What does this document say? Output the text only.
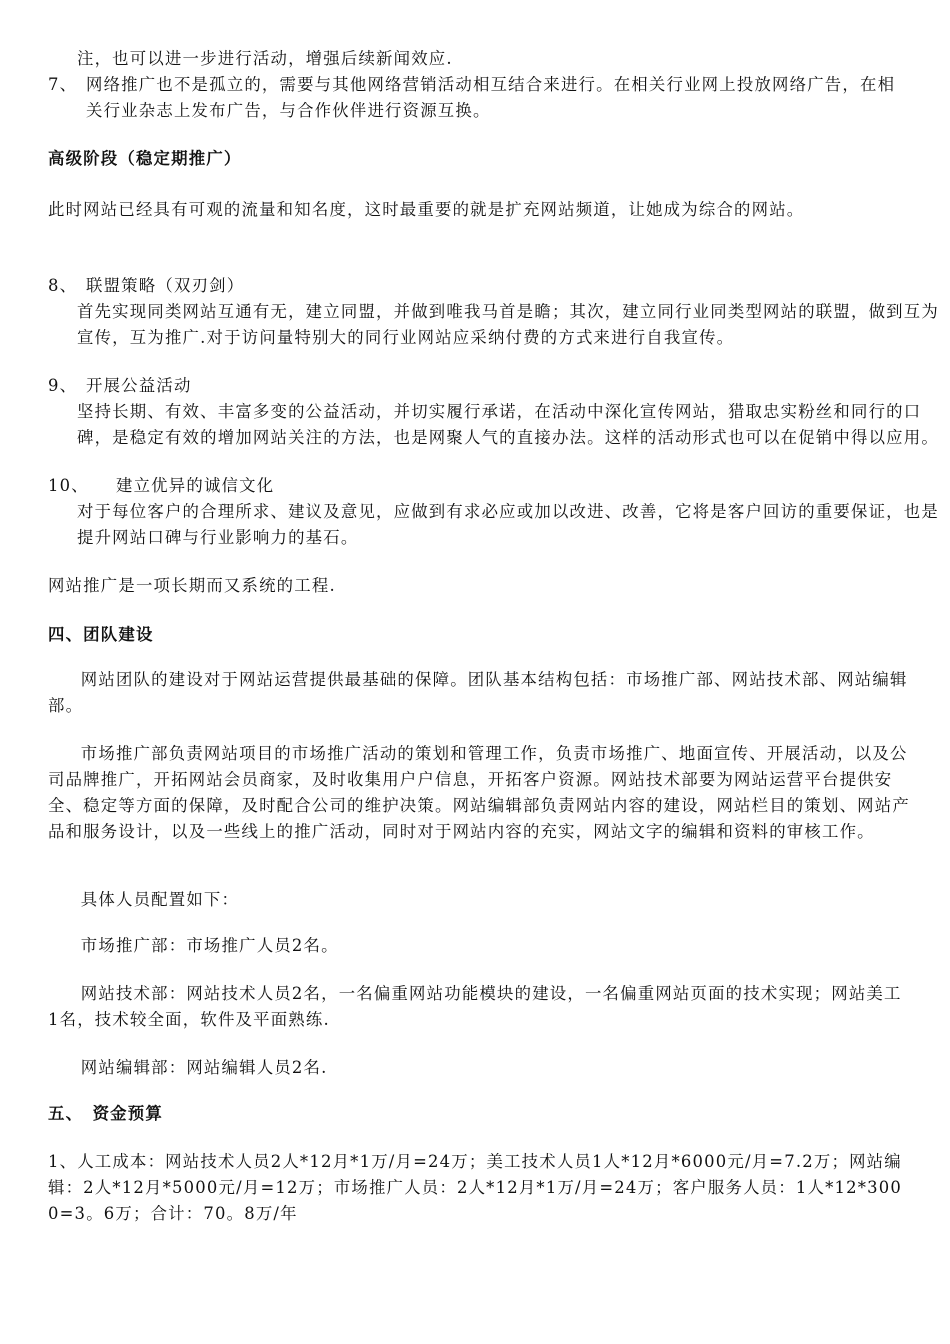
注，也可以进一步进行活动，增强后续新闻效应.

7、 网络推广也不是孤立的，需要与其他网络营销活动相互结合来进行。在相关行业网上投放网络广告，在相关行业杂志上发布广告，与合作伙伴进行资源互换。

高级阶段（稳定期推广）

此时网站已经具有可观的流量和知名度，这时最重要的就是扩充网站频道，让她成为综合的网站。

8、 联盟策略（双刃剑）

首先实现同类网站互通有无，建立同盟，并做到唯我马首是瞻；其次，建立同行业同类型网站的联盟，做到互为宣传，互为推广.对于访问量特别大的同行业网站应采纳付费的方式来进行自我宣传。

9、 开展公益活动

坚持长期、有效、丰富多变的公益活动，并切实履行承诺，在活动中深化宣传网站，猎取忠实粉丝和同行的口碑，是稳定有效的增加网站关注的方法，也是网聚人气的直接办法。这样的活动形式也可以在促销中得以应用。

10、	建立优异的诚信文化

对于每位客户的合理所求、建议及意见，应做到有求必应或加以改进、改善，它将是客户回访的重要保证，也是提升网站口碑与行业影响力的基石。

网站推广是一项长期而又系统的工程.

四、团队建设

网站团队的建设对于网站运营提供最基础的保障。团队基本结构包括：市场推广部、网站技术部、网站编辑部。

市场推广部负责网站项目的市场推广活动的策划和管理工作，负责市场推广、地面宣传、开展活动，以及公司品牌推广，开拓网站会员商家，及时收集用户户信息，开拓客户资源。网站技术部要为网站运营平台提供安全、稳定等方面的保障，及时配合公司的维护决策。网站编辑部负责网站内容的建设，网站栏目的策划、网站产品和服务设计，以及一些线上的推广活动，同时对于网站内容的充实，网站文字的编辑和资料的审核工作。

具体人员配置如下：

市场推广部：市场推广人员2名。

网站技术部：网站技术人员2名，一名偏重网站功能模块的建设，一名偏重网站页面的技术实现；网站美工1名，技术较全面，软件及平面熟练.

网站编辑部：网站编辑人员2名.

五、　资金预算

1、人工成本：网站技术人员2人*12月*1万/月=24万；美工技术人员1人*12月*6000元/月=7.2万；网站编辑：2人*12月*5000元/月=12万；市场推广人员：2人*12月*1万/月=24万；客户服务人员：1人*12*3000=3。6万；合计：70。8万/年
